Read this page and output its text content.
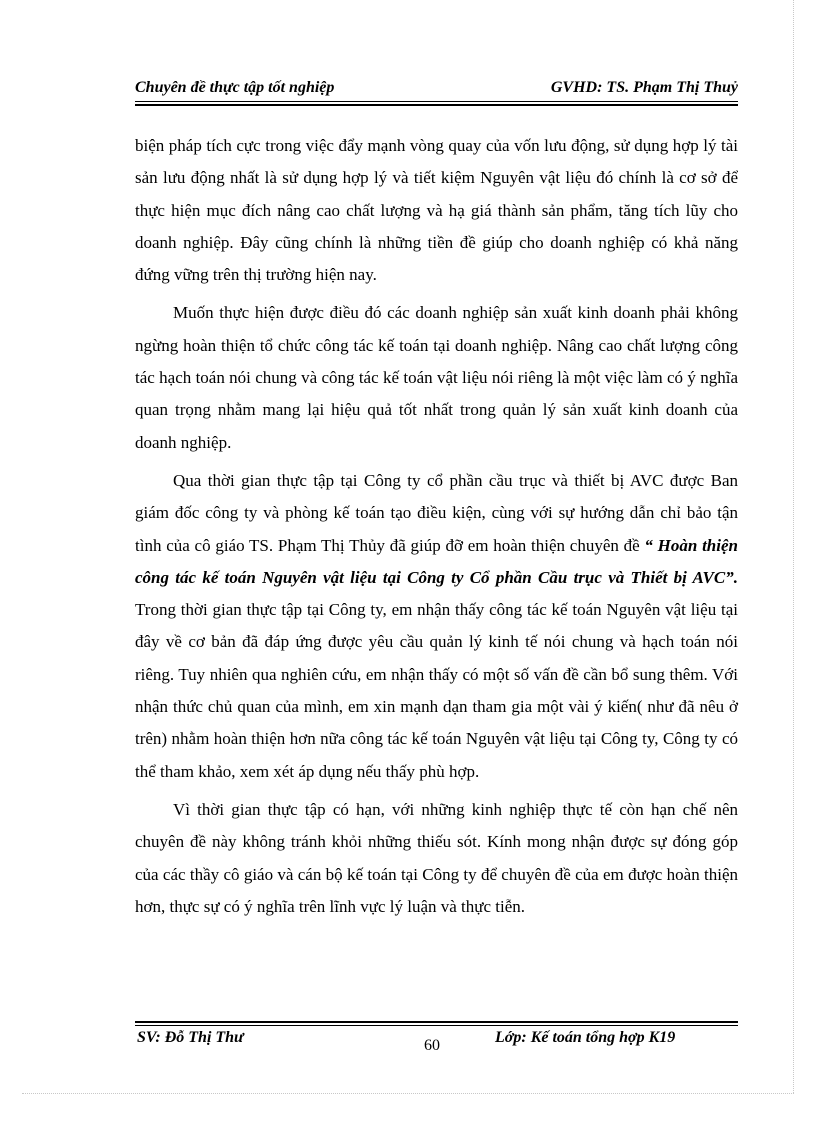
Chuyên đề thực tập tốt nghiệp	GVHD: TS. Phạm Thị Thuỷ

biện pháp tích cực trong việc đẩy mạnh vòng quay của vốn lưu động, sử dụng hợp lý tài sản lưu động nhất là sử dụng hợp lý và tiết kiệm Nguyên vật liệu đó chính là cơ sở để thực hiện mục đích nâng cao chất lượng và hạ giá thành sản phẩm, tăng tích lũy cho doanh nghiệp. Đây cũng chính là những tiền đề giúp cho doanh nghiệp có khả năng đứng vững trên thị trường hiện nay.

Muốn thực hiện được điều đó các doanh nghiệp sản xuất kinh doanh phải không ngừng hoàn thiện tổ chức công tác kế toán tại doanh nghiệp. Nâng cao chất lượng công tác hạch toán nói chung và công tác kế toán vật liệu nói riêng là một việc làm có ý nghĩa quan trọng nhằm mang lại hiệu quả tốt nhất trong quản lý sản xuất kinh doanh của doanh nghiệp.

Qua thời gian thực tập tại Công ty cổ phần cầu trục và thiết bị AVC được Ban giám đốc công ty và phòng kế toán tạo điều kiện, cùng với sự hướng dẫn chỉ bảo tận tình của cô giáo TS. Phạm Thị Thủy đã giúp đỡ em hoàn thiện chuyên đề “ Hoàn thiện công tác kế toán Nguyên vật liệu tại Công ty Cổ phần Cầu trục và Thiết bị AVC”. Trong thời gian thực tập tại Công ty, em nhận thấy công tác kế toán Nguyên vật liệu tại đây về cơ bản đã đáp ứng được yêu cầu quản lý kinh tế nói chung và hạch toán nói riêng. Tuy nhiên qua nghiên cứu, em nhận thấy có một số vấn đề cần bổ sung thêm. Với nhận thức chủ quan của mình, em xin mạnh dạn tham gia một vài ý kiến( như đã nêu ở trên) nhằm hoàn thiện hơn nữa công tác kế toán Nguyên vật liệu tại Công ty, Công ty có thể tham khảo, xem xét áp dụng nếu thấy phù hợp.

Vì thời gian thực tập có hạn, với những kinh nghiệp thực tế còn hạn chế nên chuyên đề này không tránh khỏi những thiếu sót. Kính mong nhận được sự đóng góp của các thầy cô giáo và cán bộ kế toán tại Công ty để chuyên đề của em được hoàn thiện hơn, thực sự có ý nghĩa trên lĩnh vực lý luận và thực tiễn.

SV: Đỗ Thị Thư	60	Lớp: Kế toán tổng hợp K19
